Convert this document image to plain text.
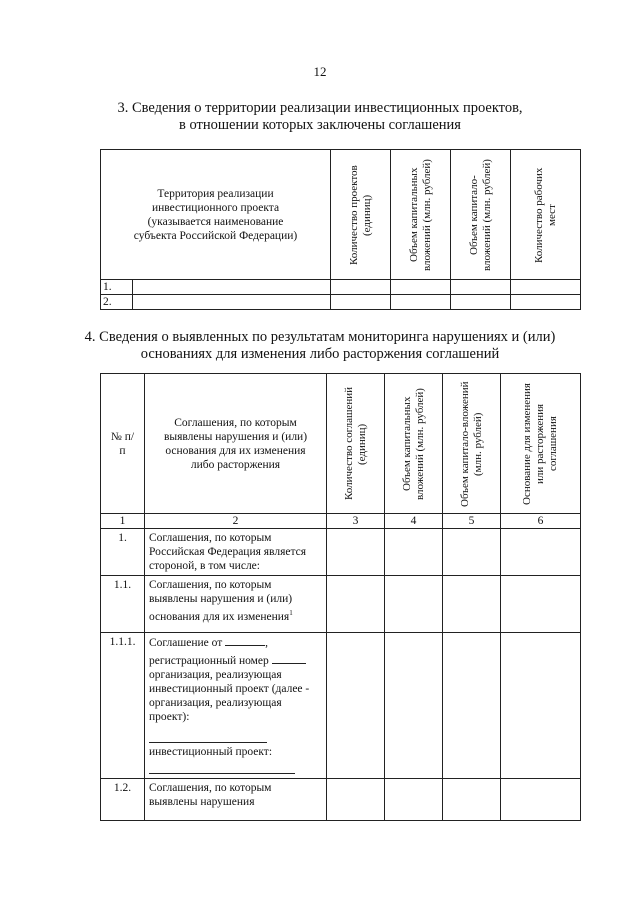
12
3. Сведения о территории реализации инвестиционных проектов,
в отношении которых заключены соглашения
Территория реализации инвестиционного проекта (указывается наименование субъекта Российской Федерации)		Количество проектов (единиц)	Объем капитальных вложений (млн. рублей)	Объем капитало-вложений (млн. рублей)	Количество рабочих мест

1.					
2.					
4. Сведения о выявленных по результатам мониторинга нарушениях и (или)
основаниях для изменения либо расторжения соглашений
№ п/п	Соглашения, по которым выявлены нарушения и (или) основания для их изменения либо расторжения	Количество соглашений (единиц)	Объем капитальных вложений (млн. рублей)	Объем капитало-вложений (млн. рублей)	Основание для изменения или расторжения соглашения

1	2	3	4	5	6
1.	Соглашения, по которым Российская Федерация является стороной, в том числе:				
1.1.	Соглашения, по которым выявлены нарушения и (или) основания для их изменения$^1$				
1.1.1.	Соглашение от ,
регистрационный номер
организация, реализующая инвестиционный проект (далее - организация, реализующая проект):
инвестиционный проект:				

1.2.	Соглашения, по которым выявлены нарушения				
